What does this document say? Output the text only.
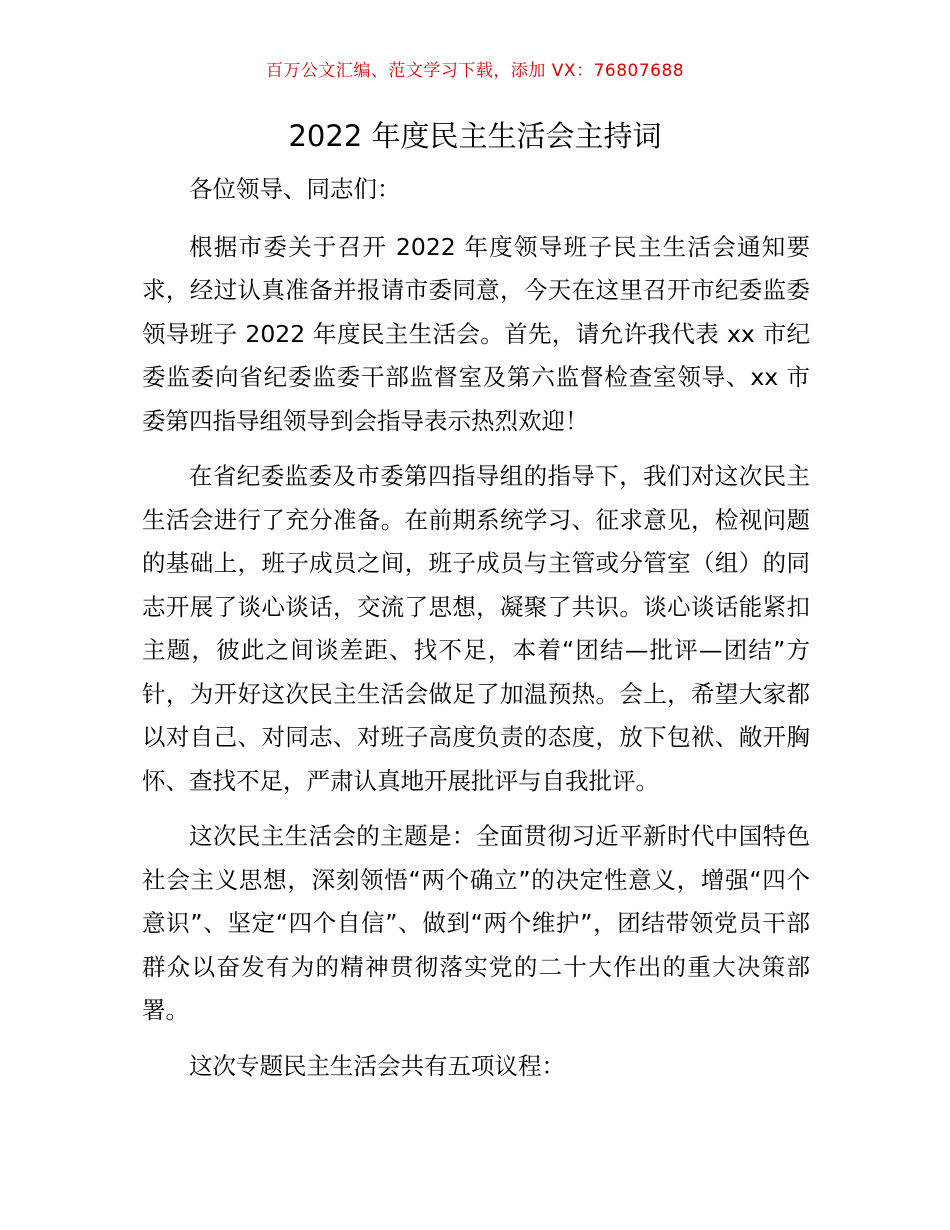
百万公文汇编、范文学习下载，添加 VX：76807688
2022 年度民主生活会主持词

各位领导、同志们：

根据市委关于召开 2022 年度领导班子民主生活会通知要求，经过认真准备并报请市委同意，今天在这里召开市纪委监委领导班子 2022 年度民主生活会。首先，请允许我代表 xx 市纪委监委向省纪委监委干部监督室及第六监督检查室领导、xx 市委第四指导组领导到会指导表示热烈欢迎！

在省纪委监委及市委第四指导组的指导下，我们对这次民主生活会进行了充分准备。在前期系统学习、征求意见，检视问题的基础上，班子成员之间，班子成员与主管或分管室（组）的同志开展了谈心谈话，交流了思想，凝聚了共识。谈心谈话能紧扣主题，彼此之间谈差距、找不足，本着“团结—批评—团结”方针，为开好这次民主生活会做足了加温预热。会上，希望大家都以对自己、对同志、对班子高度负责的态度，放下包袱、敞开胸怀、查找不足，严肃认真地开展批评与自我批评。

这次民主生活会的主题是：全面贯彻习近平新时代中国特色社会主义思想，深刻领悟“两个确立”的决定性意义，增强“四个意识”、坚定“四个自信”、做到“两个维护”，团结带领党员干部群众以奋发有为的精神贯彻落实党的二十大作出的重大决策部署。

这次专题民主生活会共有五项议程：
